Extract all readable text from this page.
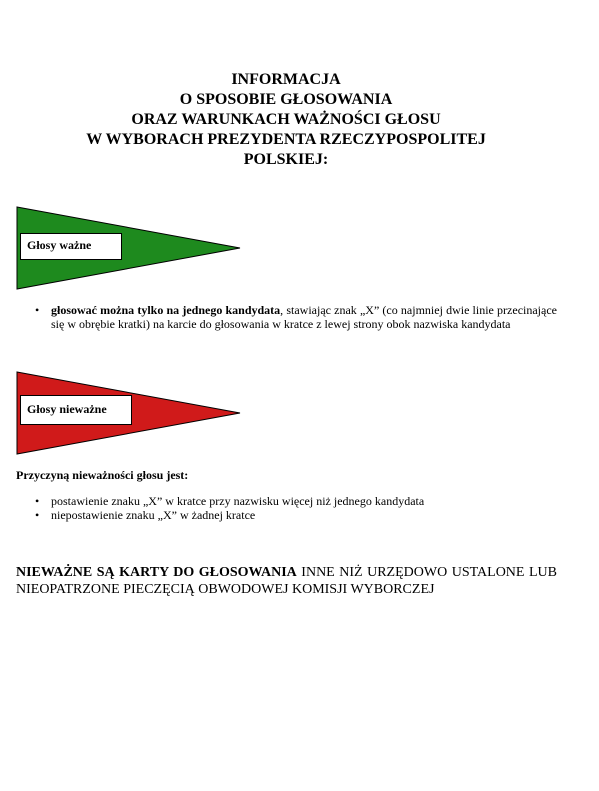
INFORMACJA
O SPOSOBIE GŁOSOWANIA
ORAZ WARUNKACH WAŻNOŚCI GŁOSU
W WYBORACH PREZYDENTA RZECZYPOSPOLITEJ
POLSKIEJ:
Głosy ważne
• głosować można tylko na jednego kandydata, stawiając znak „X” (co najmniej dwie linie przecinające się w obrębie kratki) na karcie do głosowania w kratce z lewej strony obok nazwiska kandydata
Głosy nieważne
Przyczyną nieważności głosu jest:
• postawienie znaku „X” w kratce przy nazwisku więcej niż jednego kandydata
• niepostawienie znaku „X” w żadnej kratce
NIEWAŻNE SĄ KARTY DO GŁOSOWANIA INNE NIŻ URZĘDOWO USTALONE LUB NIEOPATRZONE PIECZĘCIĄ OBWODOWEJ KOMISJI WYBORCZEJ
